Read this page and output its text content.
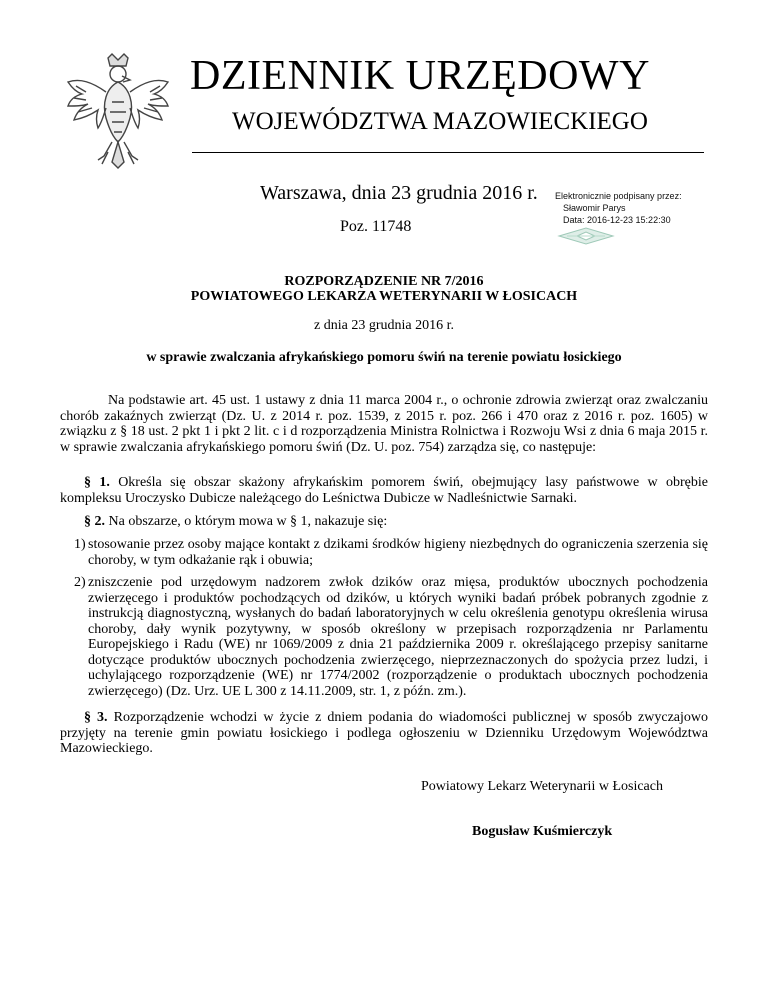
DZIENNIK URZĘDOWY
WOJEWÓDZTWA MAZOWIECKIEGO
Warszawa, dnia 23 grudnia 2016 r.
Poz. 11748
Elektronicznie podpisany przez:
Sławomir Parys
Data: 2016-12-23 15:22:30
ROZPORZĄDZENIE NR 7/2016
POWIATOWEGO LEKARZA WETERYNARII W ŁOSICACH
z dnia 23 grudnia 2016 r.
w sprawie zwalczania afrykańskiego pomoru świń na terenie powiatu łosickiego
Na podstawie art. 45 ust. 1 ustawy z dnia 11 marca 2004 r., o ochronie zdrowia zwierząt oraz zwalczaniu chorób zakaźnych zwierząt (Dz. U. z 2014 r. poz. 1539, z 2015 r. poz. 266 i 470 oraz z 2016 r. poz. 1605) w związku z § 18 ust. 2 pkt 1 i pkt 2 lit. c i d rozporządzenia Ministra Rolnictwa i Rozwoju Wsi z dnia 6 maja 2015 r. w sprawie zwalczania afrykańskiego pomoru świń (Dz. U. poz. 754) zarządza się, co następuje:
§ 1. Określa się obszar skażony afrykańskim pomorem świń, obejmujący lasy państwowe w obrębie kompleksu Uroczysko Dubicze należącego do Leśnictwa Dubicze w Nadleśnictwie Sarnaki.
§ 2. Na obszarze, o którym mowa w § 1, nakazuje się:
1) stosowanie przez osoby mające kontakt z dzikami środków higieny niezbędnych do ograniczenia szerzenia się choroby, w tym odkażanie rąk i obuwia;
2) zniszczenie pod urzędowym nadzorem zwłok dzików oraz mięsa, produktów ubocznych pochodzenia zwierzęcego i produktów pochodzących od dzików, u których wyniki badań próbek pobranych zgodnie z instrukcją diagnostyczną, wysłanych do badań laboratoryjnych w celu określenia genotypu określenia wirusa choroby, dały wynik pozytywny, w sposób określony w przepisach rozporządzenia nr Parlamentu Europejskiego i Radu (WE) nr 1069/2009 z dnia 21 października 2009 r. określającego przepisy sanitarne dotyczące produktów ubocznych pochodzenia zwierzęcego, nieprzeznaczonych do spożycia przez ludzi, i uchylającego rozporządzenie (WE) nr 1774/2002 (rozporządzenie o produktach ubocznych pochodzenia zwierzęcego) (Dz. Urz. UE L 300 z 14.11.2009, str. 1, z późn. zm.).
§ 3. Rozporządzenie wchodzi w życie z dniem podania do wiadomości publicznej w sposób zwyczajowo przyjęty na terenie gmin powiatu łosickiego i podlega ogłoszeniu w Dzienniku Urzędowym Województwa Mazowieckiego.
Powiatowy Lekarz Weterynarii w Łosicach
Bogusław Kuśmierczyk
